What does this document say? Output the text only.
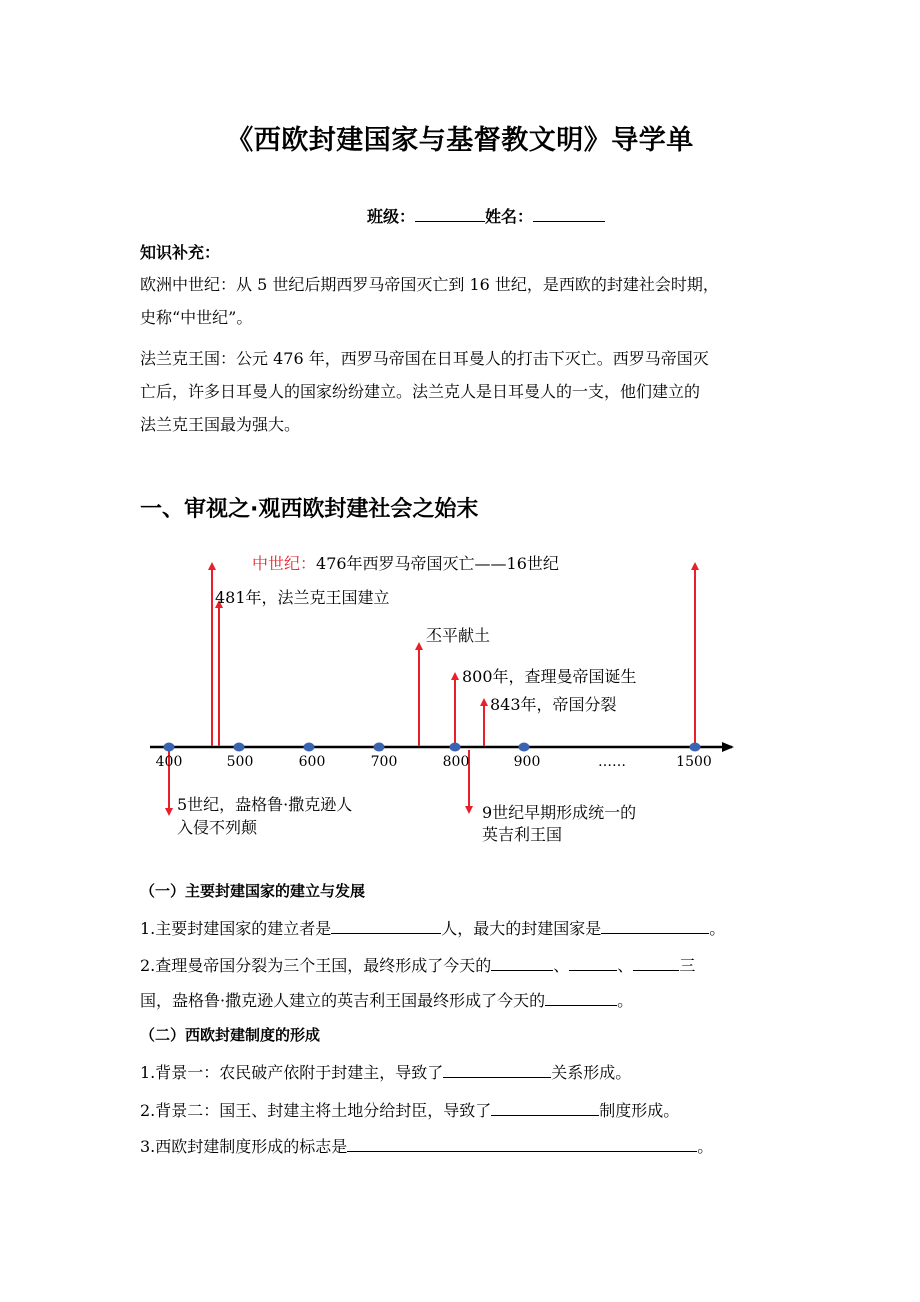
《西欧封建国家与基督教文明》导学单
班级：	姓名：
知识补充：
欧洲中世纪：从 5 世纪后期西罗马帝国灭亡到 16 世纪，是西欧的封建社会时期，
史称“中世纪”。
法兰克王国：公元 476 年，西罗马帝国在日耳曼人的打击下灭亡。西罗马帝国灭
亡后，许多日耳曼人的国家纷纷建立。法兰克人是日耳曼人的一支，他们建立的
法兰克王国最为强大。
一、审视之·观西欧封建社会之始末
400	500	600	700	800	900	……	1500
中世纪：476年西罗马帝国灭亡——16世纪
481年，法兰克王国建立
丕平献土
800年，查理曼帝国诞生
843年，帝国分裂
5世纪，盎格鲁·撒克逊人
入侵不列颠
9世纪早期形成统一的
英吉利王国
（一）主要封建国家的建立与发展
1.主要封建国家的建立者是	人，最大的封建国家是	。
2.查理曼帝国分裂为三个王国，最终形成了今天的	、	、	三
国，盎格鲁·撒克逊人建立的英吉利王国最终形成了今天的	。
（二）西欧封建制度的形成
1.背景一：农民破产依附于封建主，导致了	关系形成。
2.背景二：国王、封建主将土地分给封臣，导致了	制度形成。
3.西欧封建制度形成的标志是	。
